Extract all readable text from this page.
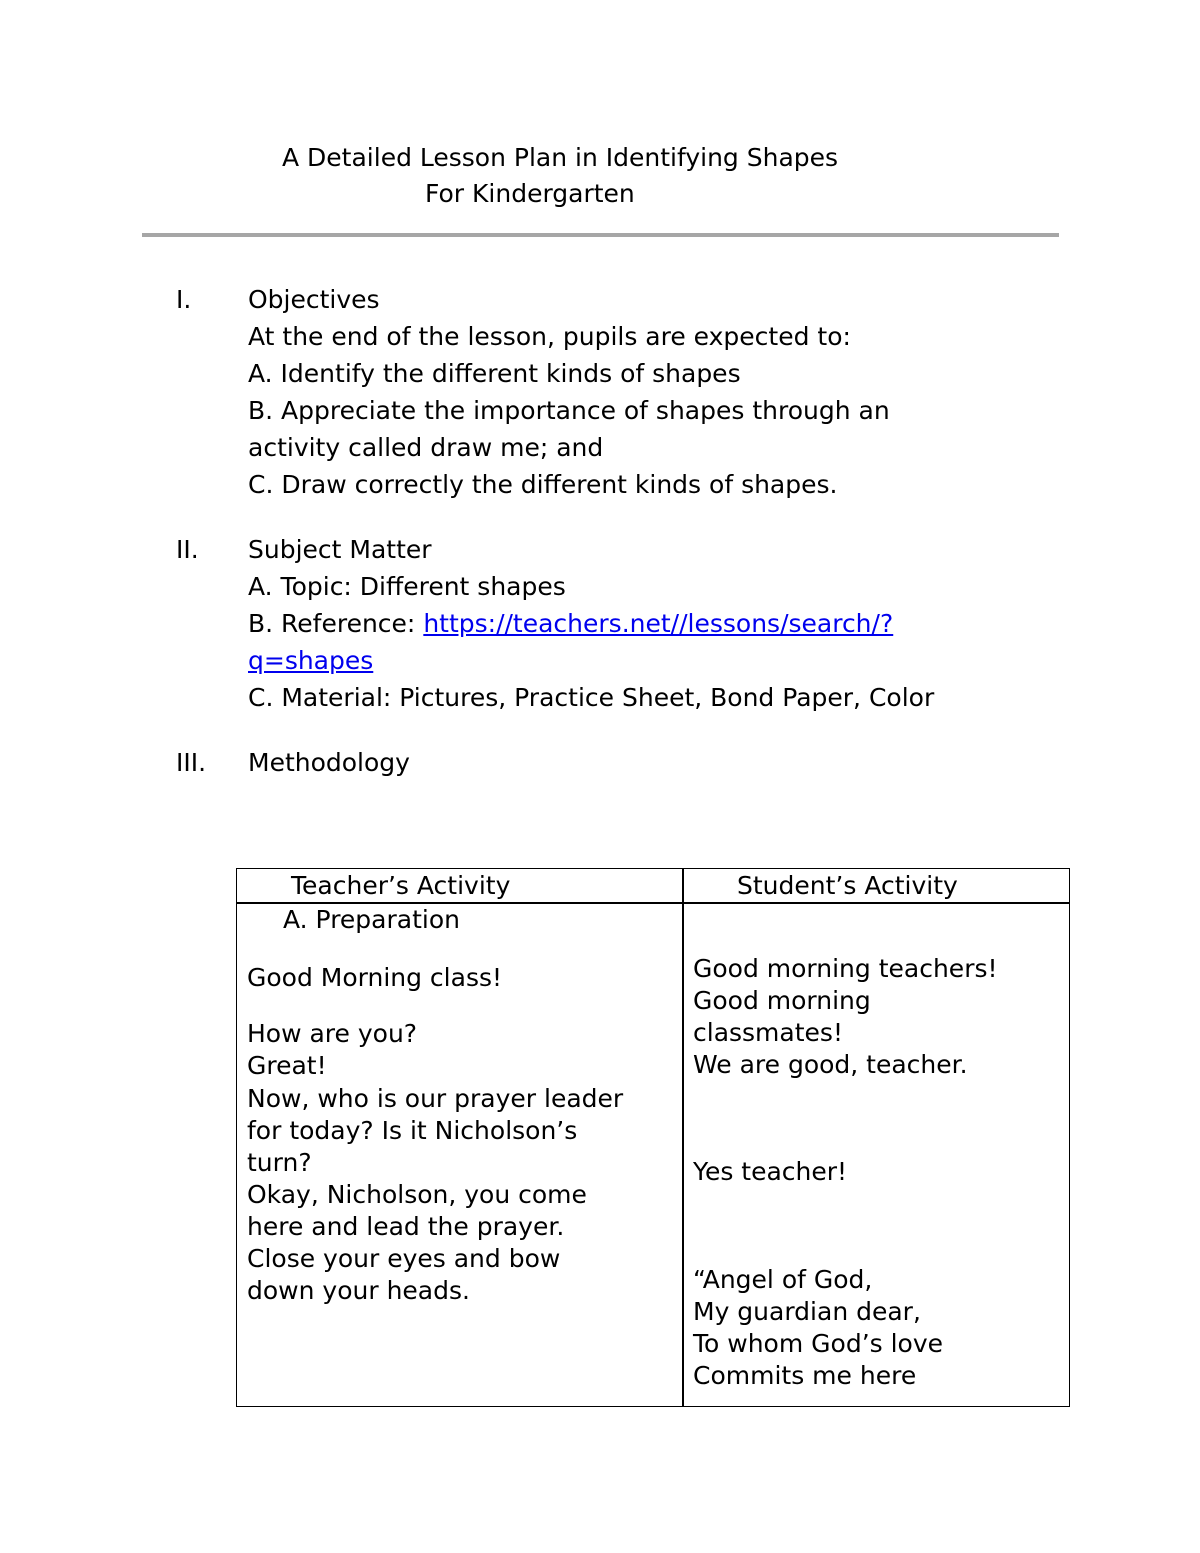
A Detailed Lesson Plan in Identifying Shapes
For Kindergarten
I. Objectives
At the end of the lesson, pupils are expected to:
A. Identify the different kinds of shapes
B. Appreciate the importance of shapes through an
activity called draw me; and
C. Draw correctly the different kinds of shapes.
II. Subject Matter
A. Topic: Different shapes
B. Reference: https://teachers.net//lessons/search/?
q=shapes
C. Material: Pictures, Practice Sheet, Bond Paper, Color
III. Methodology
Teacher’s Activity	Student’s Activity
A. Preparation
Good Morning class!
How are you?
Great!
Now, who is our prayer leader
for today? Is it Nicholson’s
turn?
Okay, Nicholson, you come
here and lead the prayer.
Close your eyes and bow
down your heads.
Good morning teachers!
Good morning
classmates!
We are good, teacher.
Yes teacher!
“Angel of God,
My guardian dear,
To whom God’s love
Commits me here
